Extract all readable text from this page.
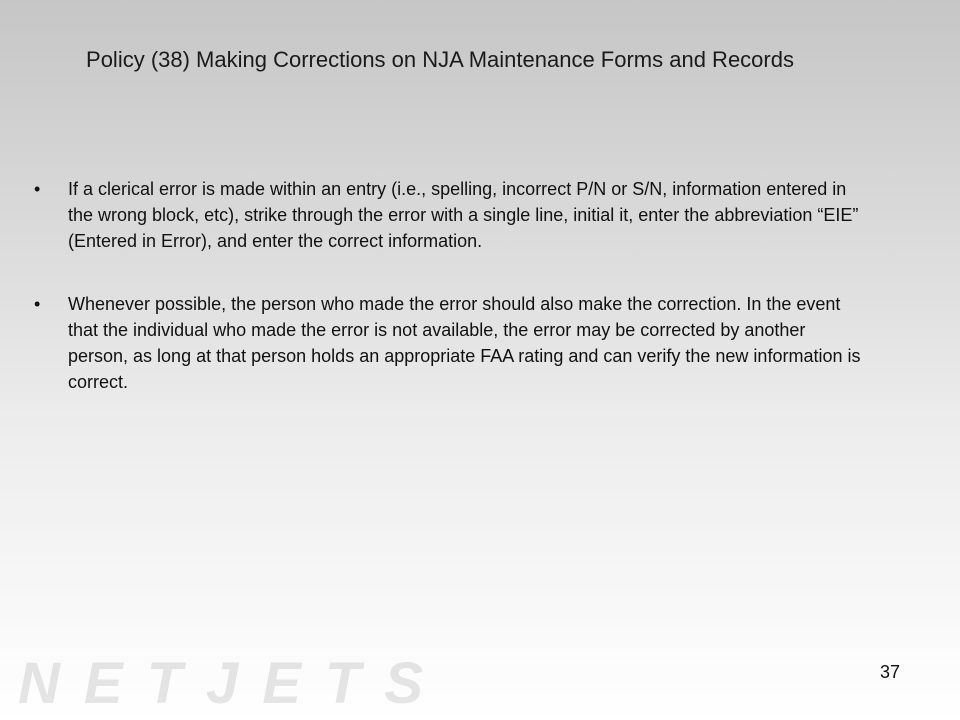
Policy (38) Making Corrections on NJA Maintenance Forms and Records
•	If a clerical error is made within an entry (i.e., spelling, incorrect P/N or S/N, information entered in the wrong block, etc), strike through the error with a single line, initial it, enter the abbreviation “EIE” (Entered in Error), and enter the correct information.
•	Whenever possible, the person who made the error should also make the correction. In the event that the individual who made the error is not available, the error may be corrected by another person, as long at that person holds an appropriate FAA rating and can verify the new information is correct.
NETJETS	37
